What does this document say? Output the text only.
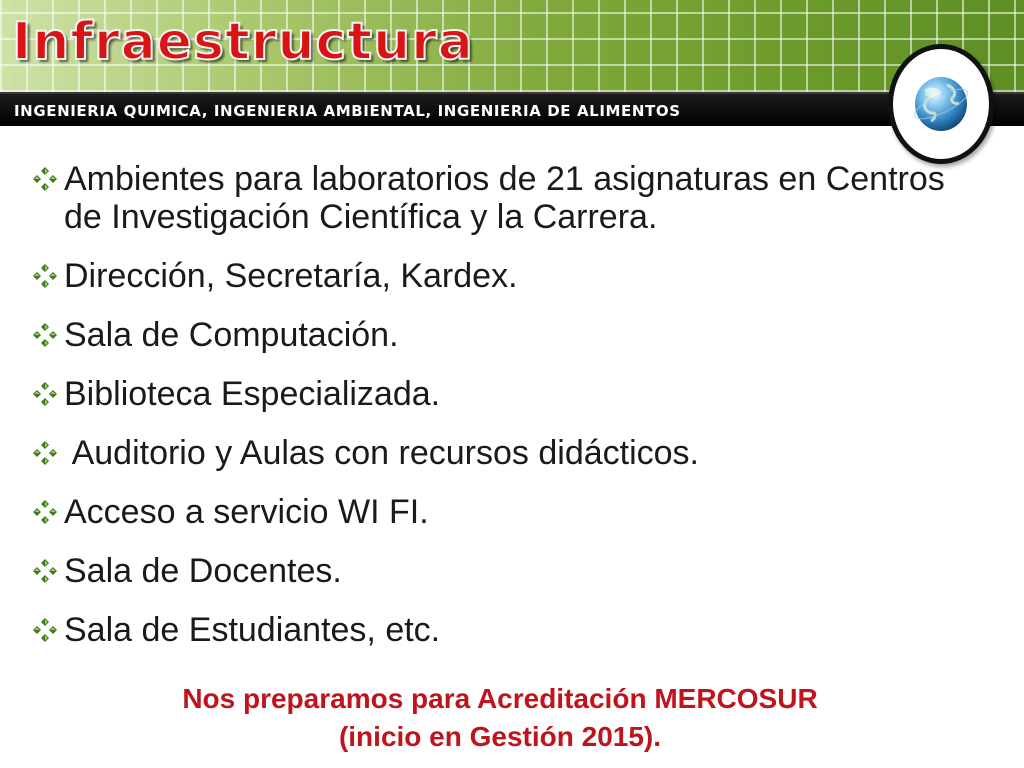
Infraestructura
INGENIERIA QUIMICA, INGENIERIA AMBIENTAL, INGENIERIA DE ALIMENTOS
Ambientes para laboratorios de 21 asignaturas en Centros de Investigación Científica y la Carrera.
Dirección, Secretaría, Kardex.
Sala de Computación.
Biblioteca Especializada.
Auditorio y Aulas con recursos didácticos.
Acceso a servicio WI FI.
Sala de Docentes.
Sala de Estudiantes, etc.
Nos preparamos para Acreditación MERCOSUR
(inicio en Gestión 2015).
